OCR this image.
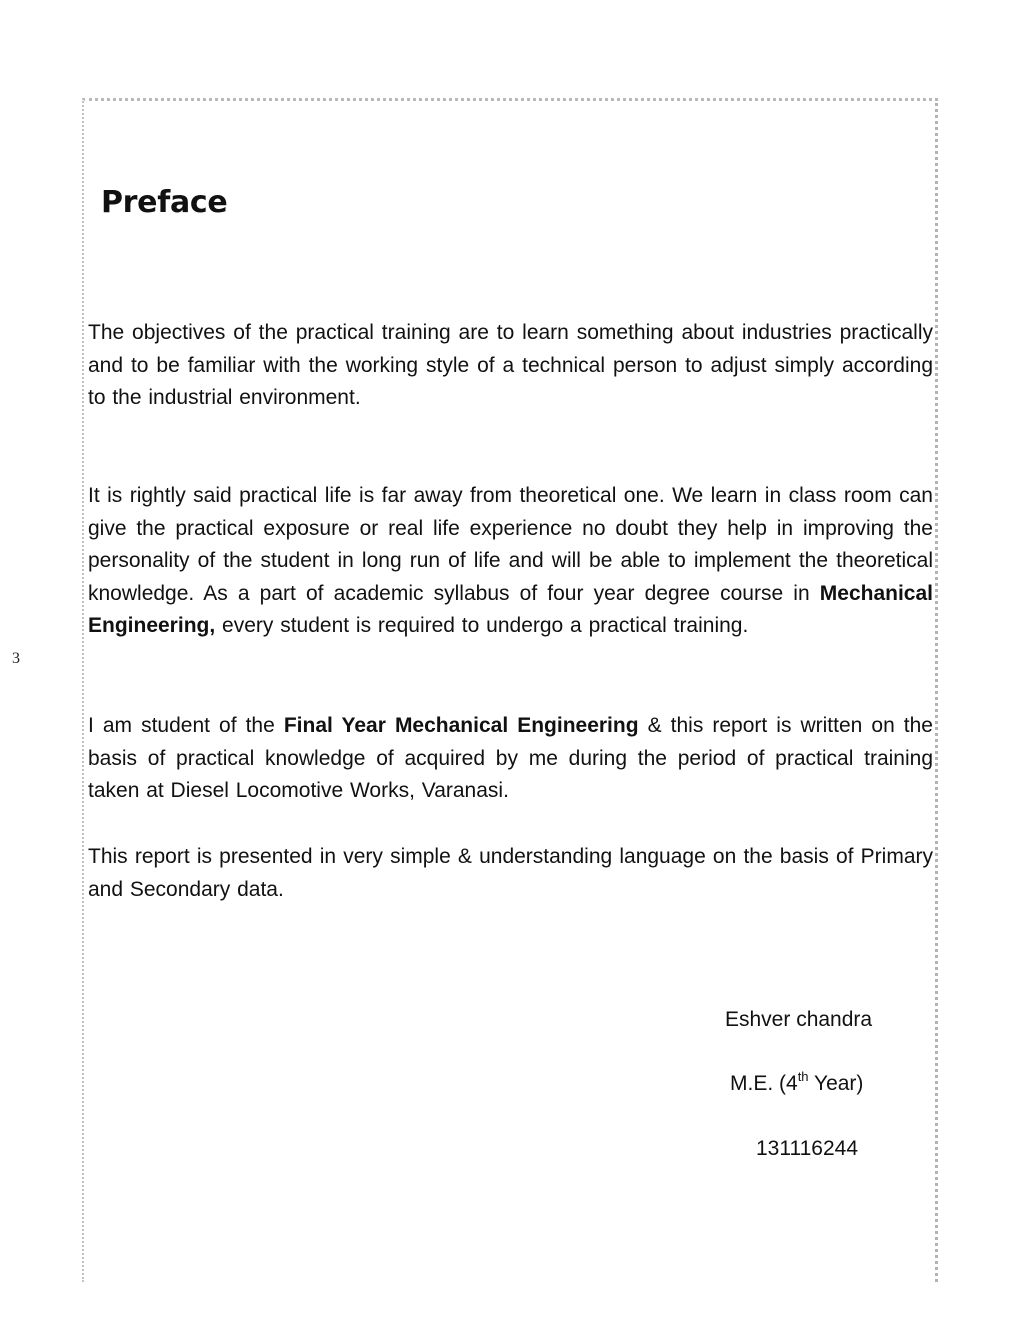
3
Preface

The objectives of the practical training are to learn something about industries practically and to be familiar with the working style of a technical person to adjust simply according to the industrial environment.

It is rightly said practical life is far away from theoretical one. We learn in class room can give the practical exposure or real life experience no doubt they help in improving the personality of the student in long run of life and will be able to implement the theoretical knowledge. As a part of academic syllabus of four year degree course in Mechanical Engineering, every student is required to undergo a practical training.

I am student of the Final Year Mechanical Engineering & this report is written on the basis of practical knowledge of acquired by me during the period of practical training taken at Diesel Locomotive Works, Varanasi.

This report is presented in very simple & understanding language on the basis of Primary and Secondary data.

Eshver chandra

M.E. (4th Year)

131116244
